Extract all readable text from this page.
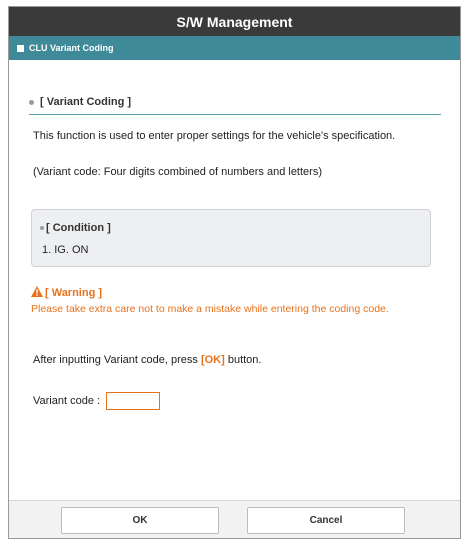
S/W Management
CLU Variant Coding
[ Variant Coding ]
This function is used to enter proper settings for the vehicle's specification.
(Variant code: Four digits combined of numbers and letters)
[ Condition ]
1. IG. ON
[ Warning ]
Please take extra care not to make a mistake while entering the coding code.
After inputting Variant code, press [OK] button.
Variant code :
OK	Cancel
